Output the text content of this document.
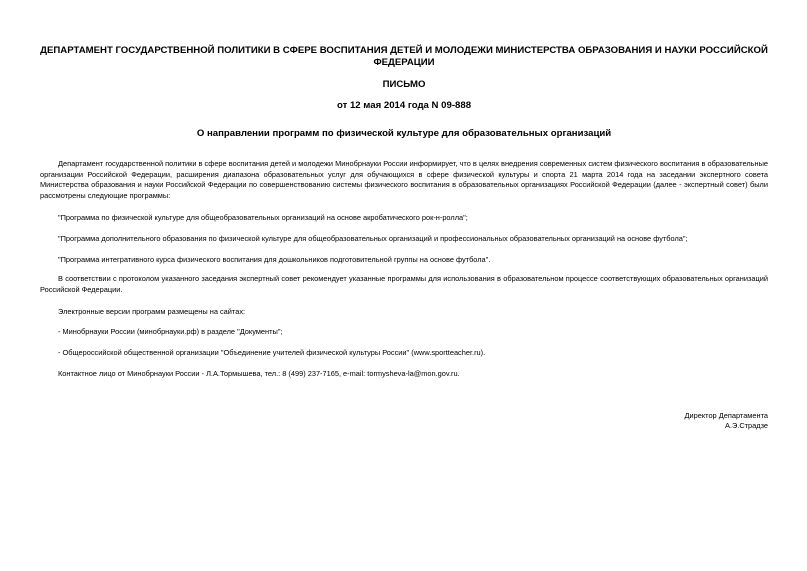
ДЕПАРТАМЕНТ ГОСУДАРСТВЕННОЙ ПОЛИТИКИ В СФЕРЕ ВОСПИТАНИЯ ДЕТЕЙ И МОЛОДЕЖИ МИНИСТЕРСТВА ОБРАЗОВАНИЯ И НАУКИ РОССИЙСКОЙ ФЕДЕРАЦИИ

ПИСЬМО

от 12 мая 2014 года N 09-888

О направлении программ по физической культуре для образовательных организаций

Департамент государственной политики в сфере воспитания детей и молодежи Минобрнауки России информирует, что в целях внедрения современных систем физического воспитания в образовательные организации Российской Федерации, расширения диапазона образовательных услуг для обучающихся в сфере физической культуры и спорта 21 марта 2014 года на заседании экспертного совета Министерства образования и науки Российской Федерации по совершенствованию системы физического воспитания в образовательных организациях Российской Федерации (далее - экспертный совет) были рассмотрены следующие программы:

"Программа по физической культуре для общеобразовательных организаций на основе акробатического рок-н-ролла";

"Программа дополнительного образования по физической культуре для общеобразовательных организаций и профессиональных образовательных организаций на основе футбола";

"Программа интегративного курса физического воспитания для дошкольников подготовительной группы на основе футбола".

В соответствии с протоколом указанного заседания экспертный совет рекомендует указанные программы для использования в образовательном процессе соответствующих образовательных организаций Российской Федерации.

Электронные версии программ размещены на сайтах:

- Минобрнауки России (минобрнауки.рф) в разделе "Документы";

- Общероссийской общественной организации "Объединение учителей физической культуры России" (www.sportteacher.ru).

Контактное лицо от Минобрнауки России - Л.А.Тормышева, тел.: 8 (499) 237-7165, e-mail: tormysheva-la@mon.gov.ru.

Директор Департамента

А.Э.Страдзе
